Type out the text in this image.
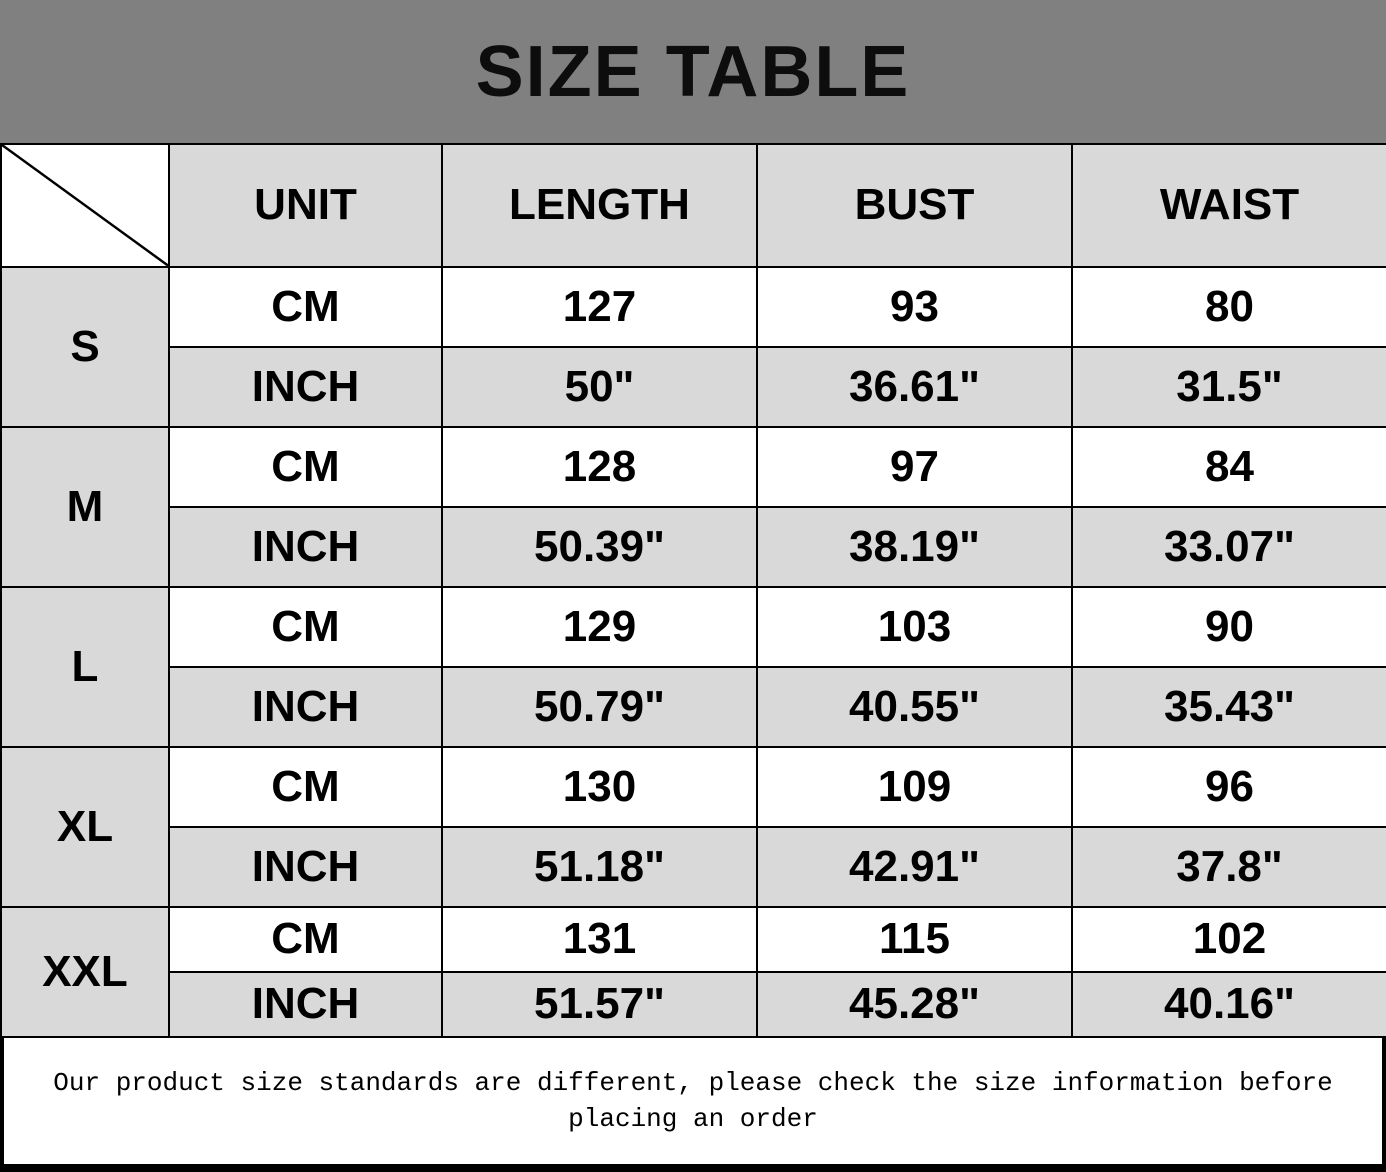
SIZE TABLE
	UNIT	LENGTH	BUST	WAIST
S	CM	127	93	80
	INCH	50"	36.61"	31.5"
M	CM	128	97	84
	INCH	50.39"	38.19"	33.07"
L	CM	129	103	90
	INCH	50.79"	40.55"	35.43"
XL	CM	130	109	96
	INCH	51.18"	42.91"	37.8"
XXL	CM	131	115	102
	INCH	51.57"	45.28"	40.16"
Our product size standards are different, please check the size information before placing an order
